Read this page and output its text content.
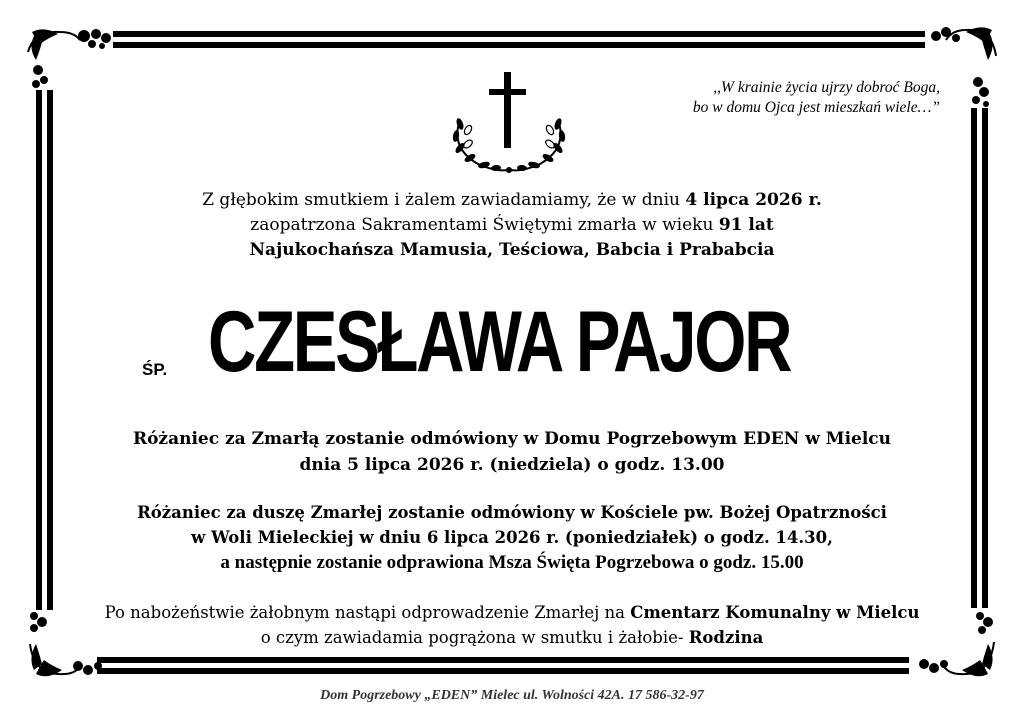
,,W krainie życia ujrzy dobroć Boga,
bo w domu Ojca jest mieszkań wiele…”
Z głębokim smutkiem i żalem zawiadamiamy, że w dniu 4 lipca 2026 r.
zaopatrzona Sakramentami Świętymi zmarła w wieku 91 lat
Najukochańsza Mamusia, Teściowa, Babcia i Prababcia
ŚP. CZESŁAWA PAJOR
Różaniec za Zmarłą zostanie odmówiony w Domu Pogrzebowym EDEN w Mielcu
dnia 5 lipca 2026 r. (niedziela) o godz. 13.00
Różaniec za duszę Zmarłej zostanie odmówiony w Kościele pw. Bożej Opatrzności
w Woli Mieleckiej w dniu 6 lipca 2026 r. (poniedziałek) o godz. 14.30,
a następnie zostanie odprawiona Msza Święta Pogrzebowa o godz. 15.00
Po nabożeństwie żałobnym nastąpi odprowadzenie Zmarłej na Cmentarz Komunalny w Mielcu
o czym zawiadamia pogrążona w smutku i żałobie- Rodzina
Dom Pogrzebowy „EDEN” Mielec ul. Wolności 42A. 17 586-32-97
